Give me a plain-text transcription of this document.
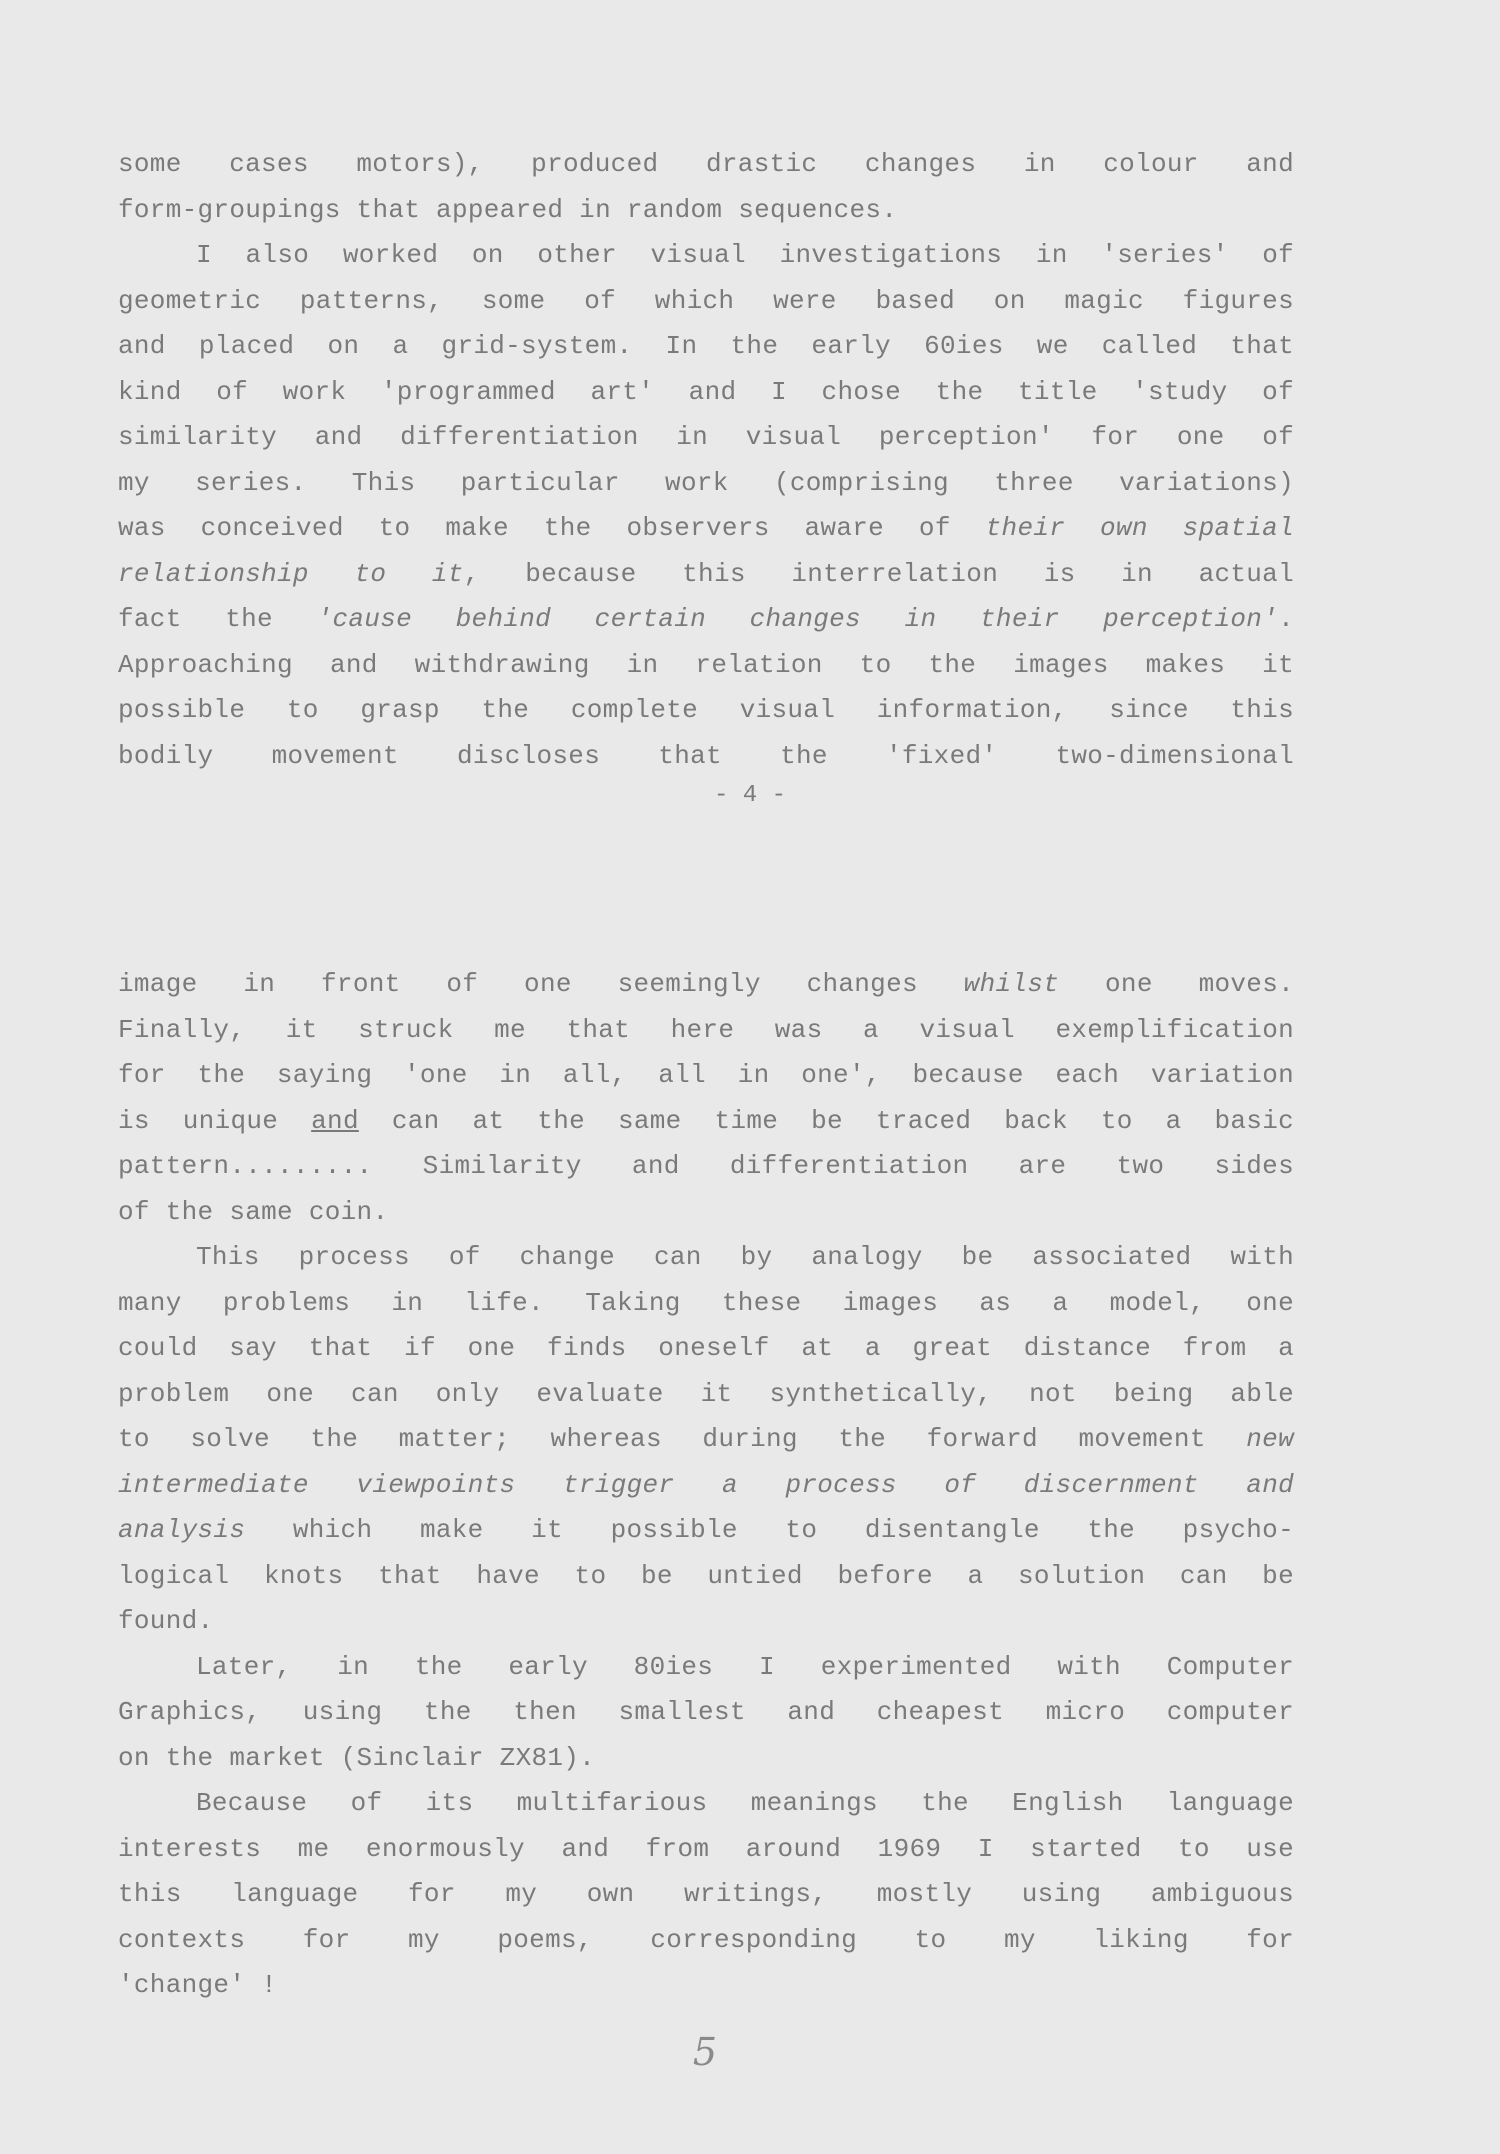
some cases motors), produced drastic changes in colour and
form-groupings that appeared in random sequences.
I also worked on other visual investigations in 'series' of
geometric patterns, some of which were based on magic figures
and placed on a grid-system. In the early 60ies we called that
kind of work 'programmed art' and I chose the title 'study of
similarity and differentiation in visual perception' for one of
my series. This particular work (comprising three variations)
was conceived to make the observers aware of their own spatial
relationship to it, because this interrelation is in actual
fact the 'cause behind certain changes in their perception'.
Approaching and withdrawing in relation to the images makes it
possible to grasp the complete visual information, since this
bodily movement discloses that the 'fixed' two-dimensional
- 4 -
image in front of one seemingly changes whilst one moves.
Finally, it struck me that here was a visual exemplification
for the saying 'one in all, all in one', because each variation
is unique and can at the same time be traced back to a basic
pattern......... Similarity and differentiation are two sides
of the same coin.
This process of change can by analogy be associated with
many problems in life. Taking these images as a model, one
could say that if one finds oneself at a great distance from a
problem one can only evaluate it synthetically, not being able
to solve the matter; whereas during the forward movement new
intermediate viewpoints trigger a process of discernment and
analysis which make it possible to disentangle the psycho-
logical knots that have to be untied before a solution can be
found.
Later, in the early 80ies I experimented with Computer
Graphics, using the then smallest and cheapest micro computer
on the market (Sinclair ZX81).
Because of its multifarious meanings the English language
interests me enormously and from around 1969 I started to use
this language for my own writings, mostly using ambiguous
contexts for my poems, corresponding to my liking for
'change' !
5
